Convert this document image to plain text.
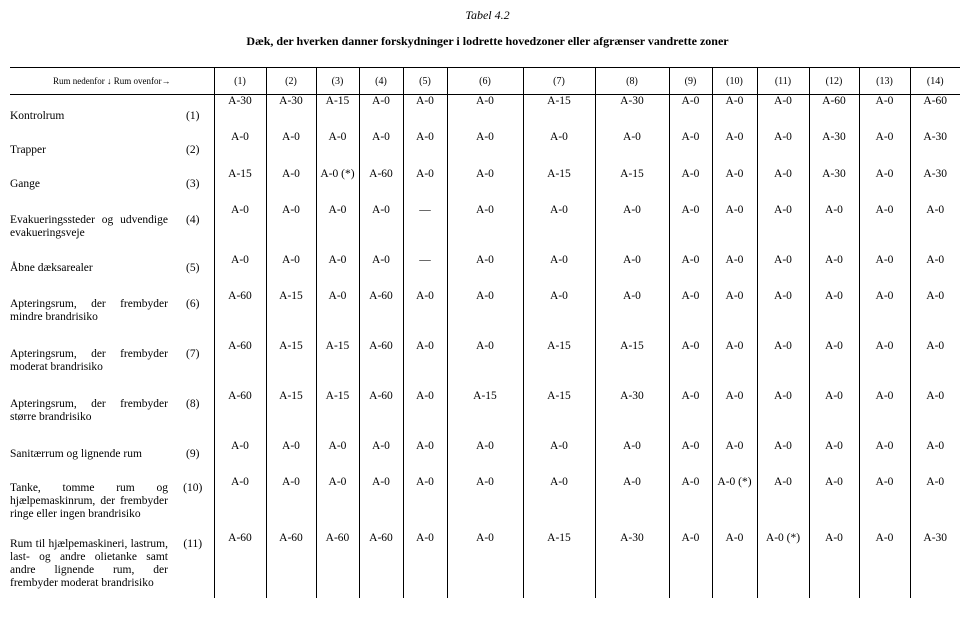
Tabel 4.2
Dæk, der hverken danner forskydninger i lodrette hovedzoner eller afgrænser vandrette zoner
Rum nedenfor ↓ Rum ovenfor→		(1)	(2)	(3)	(4)	(5)	(6)	(7)	(8)	(9)	(10)	(11)	(12)	(13)	(14)
Kontrolrum	(1)	A-30	A-30	A-15	A-0	A-0	A-0	A-15	A-30	A-0	A-0	A-0	A-60	A-0	A-60
Trapper	(2)	A-0	A-0	A-0	A-0	A-0	A-0	A-0	A-0	A-0	A-0	A-0	A-30	A-0	A-30
Gange	(3)	A-15	A-0	A-0 (*)	A-60	A-0	A-0	A-15	A-15	A-0	A-0	A-0	A-30	A-0	A-30
Evakueringssteder og udvendige evakueringsveje	(4)	A-0	A-0	A-0	A-0	—	A-0	A-0	A-0	A-0	A-0	A-0	A-0	A-0	A-0
Åbne dæksarealer	(5)	A-0	A-0	A-0	A-0	—	A-0	A-0	A-0	A-0	A-0	A-0	A-0	A-0	A-0
Apteringsrum, der frembyder mindre brandrisiko	(6)	A-60	A-15	A-0	A-60	A-0	A-0	A-0	A-0	A-0	A-0	A-0	A-0	A-0	A-0
Apteringsrum, der frembyder moderat brandrisiko	(7)	A-60	A-15	A-15	A-60	A-0	A-0	A-15	A-15	A-0	A-0	A-0	A-0	A-0	A-0
Apteringsrum, der frembyder større brandrisiko	(8)	A-60	A-15	A-15	A-60	A-0	A-15	A-15	A-30	A-0	A-0	A-0	A-0	A-0	A-0
Sanitærrum og lignende rum	(9)	A-0	A-0	A-0	A-0	A-0	A-0	A-0	A-0	A-0	A-0	A-0	A-0	A-0	A-0
Tanke, tomme rum og hjælpemaskinrum, der frembyder ringe eller ingen brandrisiko	(10)	A-0	A-0	A-0	A-0	A-0	A-0	A-0	A-0	A-0	A-0 (*)	A-0	A-0	A-0	A-0
Rum til hjælpemaskineri, lastrum, last- og andre olietanke samt andre lignende rum, der frembyder moderat brandrisiko	(11)	A-60	A-60	A-60	A-60	A-0	A-0	A-15	A-30	A-0	A-0	A-0 (*)	A-0	A-0	A-30
